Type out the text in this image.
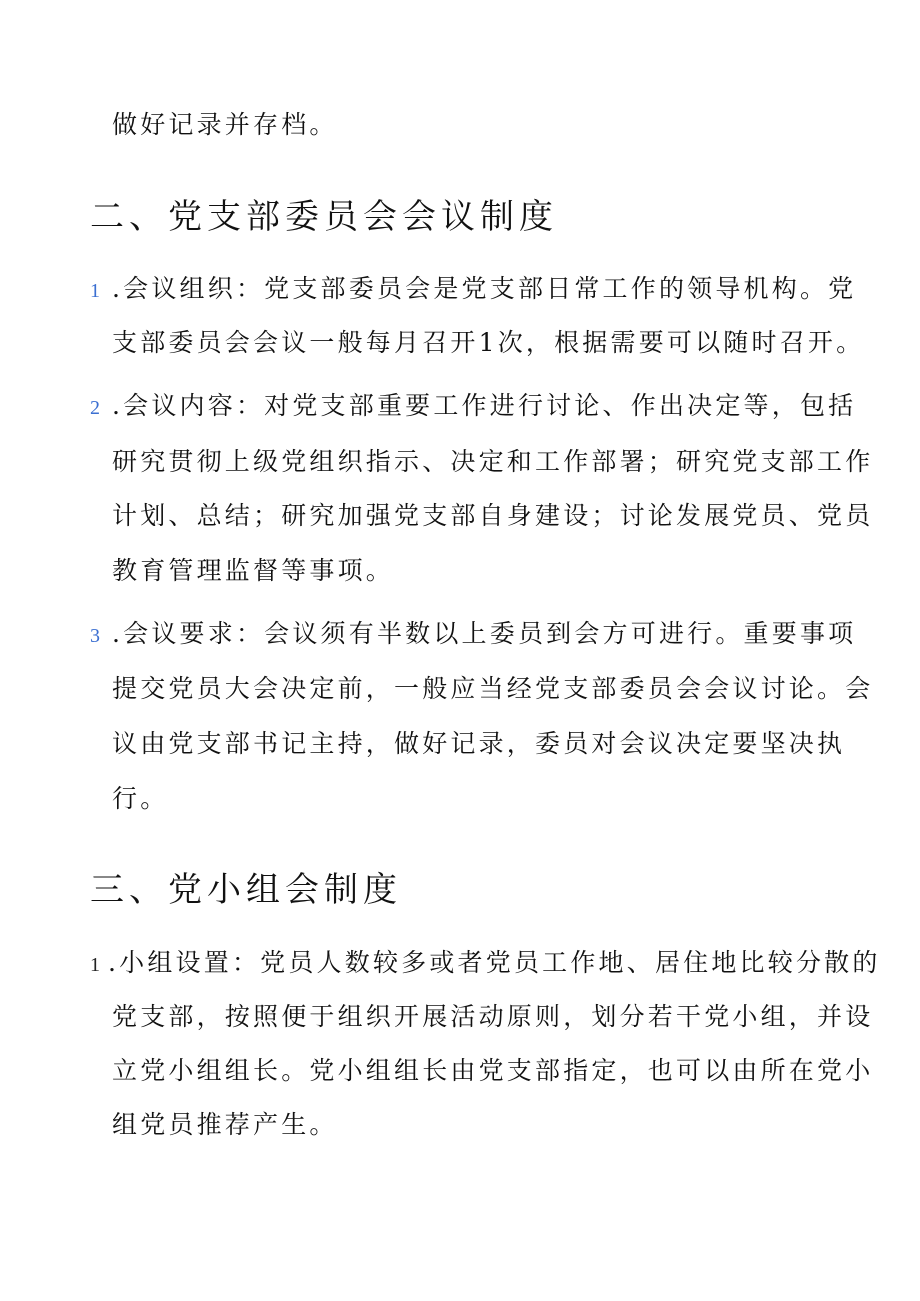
做好记录并存档。
二、党支部委员会会议制度
1 .会议组织：党支部委员会是党支部日常工作的领导机构。党
支部委员会会议一般每月召开1次，根据需要可以随时召开。
2 .会议内容：对党支部重要工作进行讨论、作出决定等，包括
研究贯彻上级党组织指示、决定和工作部署；研究党支部工作
计划、总结；研究加强党支部自身建设；讨论发展党员、党员
教育管理监督等事项。
3 .会议要求：会议须有半数以上委员到会方可进行。重要事项
提交党员大会决定前，一般应当经党支部委员会会议讨论。会
议由党支部书记主持，做好记录，委员对会议决定要坚决执
行。
三、党小组会制度
1 .小组设置：党员人数较多或者党员工作地、居住地比较分散的
党支部，按照便于组织开展活动原则，划分若干党小组，并设
立党小组组长。党小组组长由党支部指定，也可以由所在党小
组党员推荐产生。
